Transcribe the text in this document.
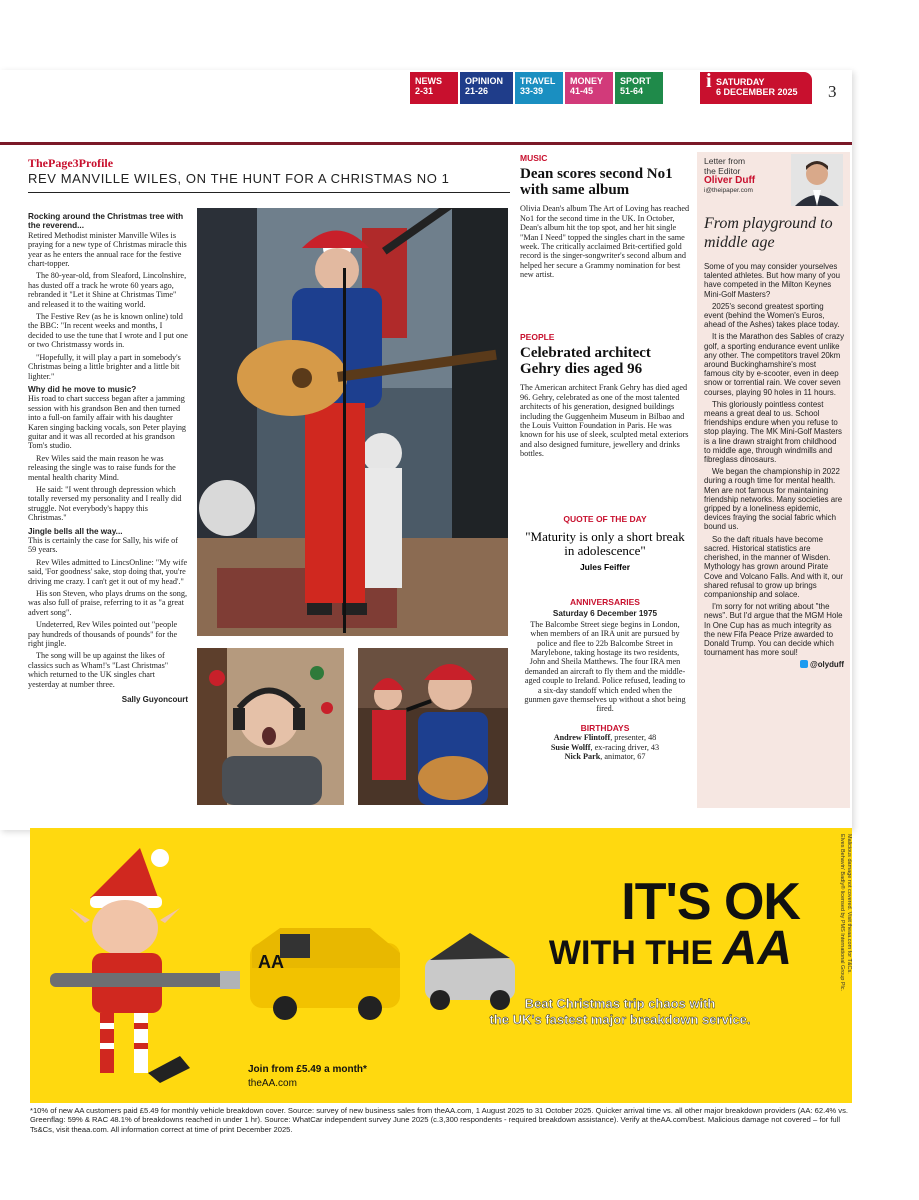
NEWS
2-31
OPINION
21-26
TRAVEL
33-39
MONEY
41-45
SPORT
51-64	i SATURDAY
6 DECEMBER 2025	3
ThePage3Profile
REV MANVILLE WILES, ON THE HUNT FOR A CHRISTMAS NO 1
Rocking around the Christmas tree with the reverend...

Retired Methodist minister Manville Wiles is praying for a new type of Christmas miracle this year as he enters the annual race for the festive chart-topper.

The 80-year-old, from Sleaford, Lincolnshire, has dusted off a track he wrote 60 years ago, rebranded it "Let it Shine at Christmas Time" and released it to the waiting world.

The Festive Rev (as he is known online) told the BBC: "In recent weeks and months, I decided to use the tune that I wrote and I put one or two Christmassy words in.

"Hopefully, it will play a part in somebody's Christmas being a little brighter and a little bit lighter."

Why did he move to music?

His road to chart success began after a jamming session with his grandson Ben and then turned into a full-on family affair with his daughter Karen singing backing vocals, son Peter playing guitar and it was all recorded at his grandson Tom's studio.

Rev Wiles said the main reason he was releasing the single was to raise funds for the mental health charity Mind.

He said: "I went through depression which totally reversed my personality and I really did struggle. Not everybody's happy this Christmas."

Jingle bells all the way...

This is certainly the case for Sally, his wife of 59 years.

Rev Wiles admitted to LincsOnline: "My wife said, 'For goodness' sake, stop doing that, you're driving me crazy. I can't get it out of my head'."

His son Steven, who plays drums on the song, was also full of praise, referring to it as "a great advert song".

Undeterred, Rev Wiles pointed out "people pay hundreds of thousands of pounds" for the right jingle.

The song will be up against the likes of classics such as Wham!'s "Last Christmas" which returned to the UK singles chart yesterday at number three.

Sally Guyoncourt

MUSIC

Dean scores second No1 with same album

Olivia Dean's album The Art of Loving has reached No1 for the second time in the UK. In October, Dean's album hit the top spot, and her hit single "Man I Need" topped the singles chart in the same week. The critically acclaimed Brit-certified gold record is the singer-songwriter's second album and helped her secure a Grammy nomination for best new artist.

PEOPLE

Celebrated architect Gehry dies aged 96

The American architect Frank Gehry has died aged 96. Gehry, celebrated as one of the most talented architects of his generation, designed buildings including the Guggenheim Museum in Bilbao and the Louis Vuitton Foundation in Paris. He was known for his use of sleek, sculpted metal exteriors and also designed furniture, jewellery and drinks bottles.

QUOTE OF THE DAY
"Maturity is only a short break in adolescence"
Jules Feiffer
ANNIVERSARIES
Saturday 6 December 1975
The Balcombe Street siege begins in London, when members of an IRA unit are pursued by police and flee to 22b Balcombe Street in Marylebone, taking hostage its two residents, John and Sheila Matthews. The four IRA men demanded an aircraft to fly them and the middle-aged couple to Ireland. Police refused, leading to a six-day standoff which ended when the gunmen gave themselves up without a shot being fired.
BIRTHDAYS
Andrew Flintoff, presenter, 48
Susie Wolff, ex-racing driver, 43
Nick Park, animator, 67
Letter from
the Editor
Oliver Duff
i@theipaper.com
From playground to middle age

Some of you may consider yourselves talented athletes. But how many of you have competed in the Milton Keynes Mini-Golf Masters?

2025's second greatest sporting event (behind the Women's Euros, ahead of the Ashes) takes place today.

It is the Marathon des Sables of crazy golf, a sporting endurance event unlike any other. The competitors travel 20km around Buckinghamshire's most famous city by e-scooter, even in deep snow or torrential rain. We cover seven courses, playing 90 holes in 11 hours.

This gloriously pointless contest means a great deal to us. School friendships endure when you refuse to stop playing. The MK Mini-Golf Masters is a line drawn straight from childhood to middle age, through windmills and fibreglass dinosaurs.

We began the championship in 2022 during a rough time for mental health. Men are not famous for maintaining friendship networks. Many societies are gripped by a loneliness epidemic, devices fraying the social fabric which bound us.

So the daft rituals have become sacred. Historical statistics are cherished, in the manner of Wisden. Mythology has grown around Pirate Cove and Volcano Falls. And with it, our shared refusal to grow up brings companionship and solace.

I'm sorry for not writing about "the news". But I'd argue that the MGM Hole In One Cup has as much integrity as the new Fifa Peace Prize awarded to Donald Trump. You can decide which tournament has more soul!

@olyduff
AA
IT'S OK
WITH THE AA
Beat Christmas trip chaos with
the UK's fastest major breakdown service.
Join from £5.49 a month*
theAA.com
Malicious damage not covered. Visit theaa.com for T&Cs.
Elves Behavin' Badly® licensed by PMS International Group Plc.
*10% of new AA customers paid £5.49 for monthly vehicle breakdown cover. Source: survey of new business sales from theAA.com, 1 August 2025 to 31 October 2025. Quicker arrival time vs. all other major breakdown providers (AA: 62.4% vs. Greenflag: 59% & RAC 48.1% of breakdowns reached in under 1 hr). Source: WhatCar independent survey June 2025 (c.3,300 respondents - required breakdown assistance). Verify at theAA.com/best. Malicious damage not covered – for full Ts&Cs, visit theaa.com. All information correct at time of print December 2025.
